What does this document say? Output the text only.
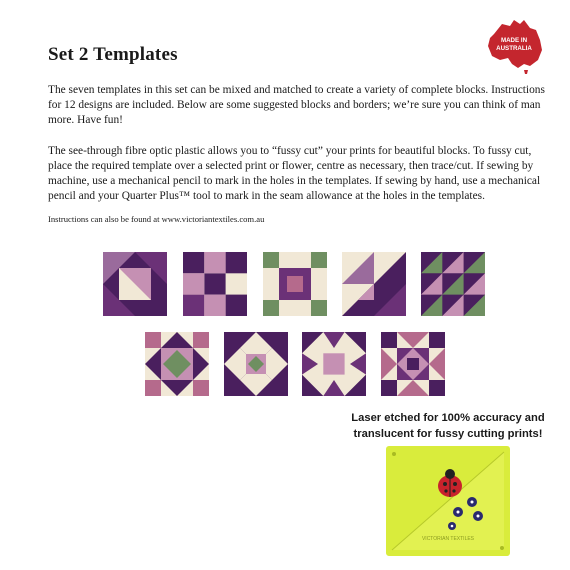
Set 2 Templates
MADE IN
AUSTRALIA

The seven templates in this set can be mixed and matched to create a variety of complete blocks. Instructions for 12 designs are included. Below are some suggested blocks and borders; we’re sure you can think of man more. Have fun!

The see-through fibre optic plastic allows you to “fussy cut” your prints for beautiful blocks. To fussy cut, place the required template over a selected print or flower, centre as necessary, then trace/cut. If sewing by machine, use a mechanical pencil to mark in the holes in the templates. If sewing by hand, use a mechanical pencil and your Quarter Plus™ tool to mark in the seam allowance at the holes in the templates.

Instructions can also be found at www.victoriantextiles.com.au
Laser etched for 100% accuracy and
translucent for fussy cutting prints!
VICTORIAN TEXTILES
